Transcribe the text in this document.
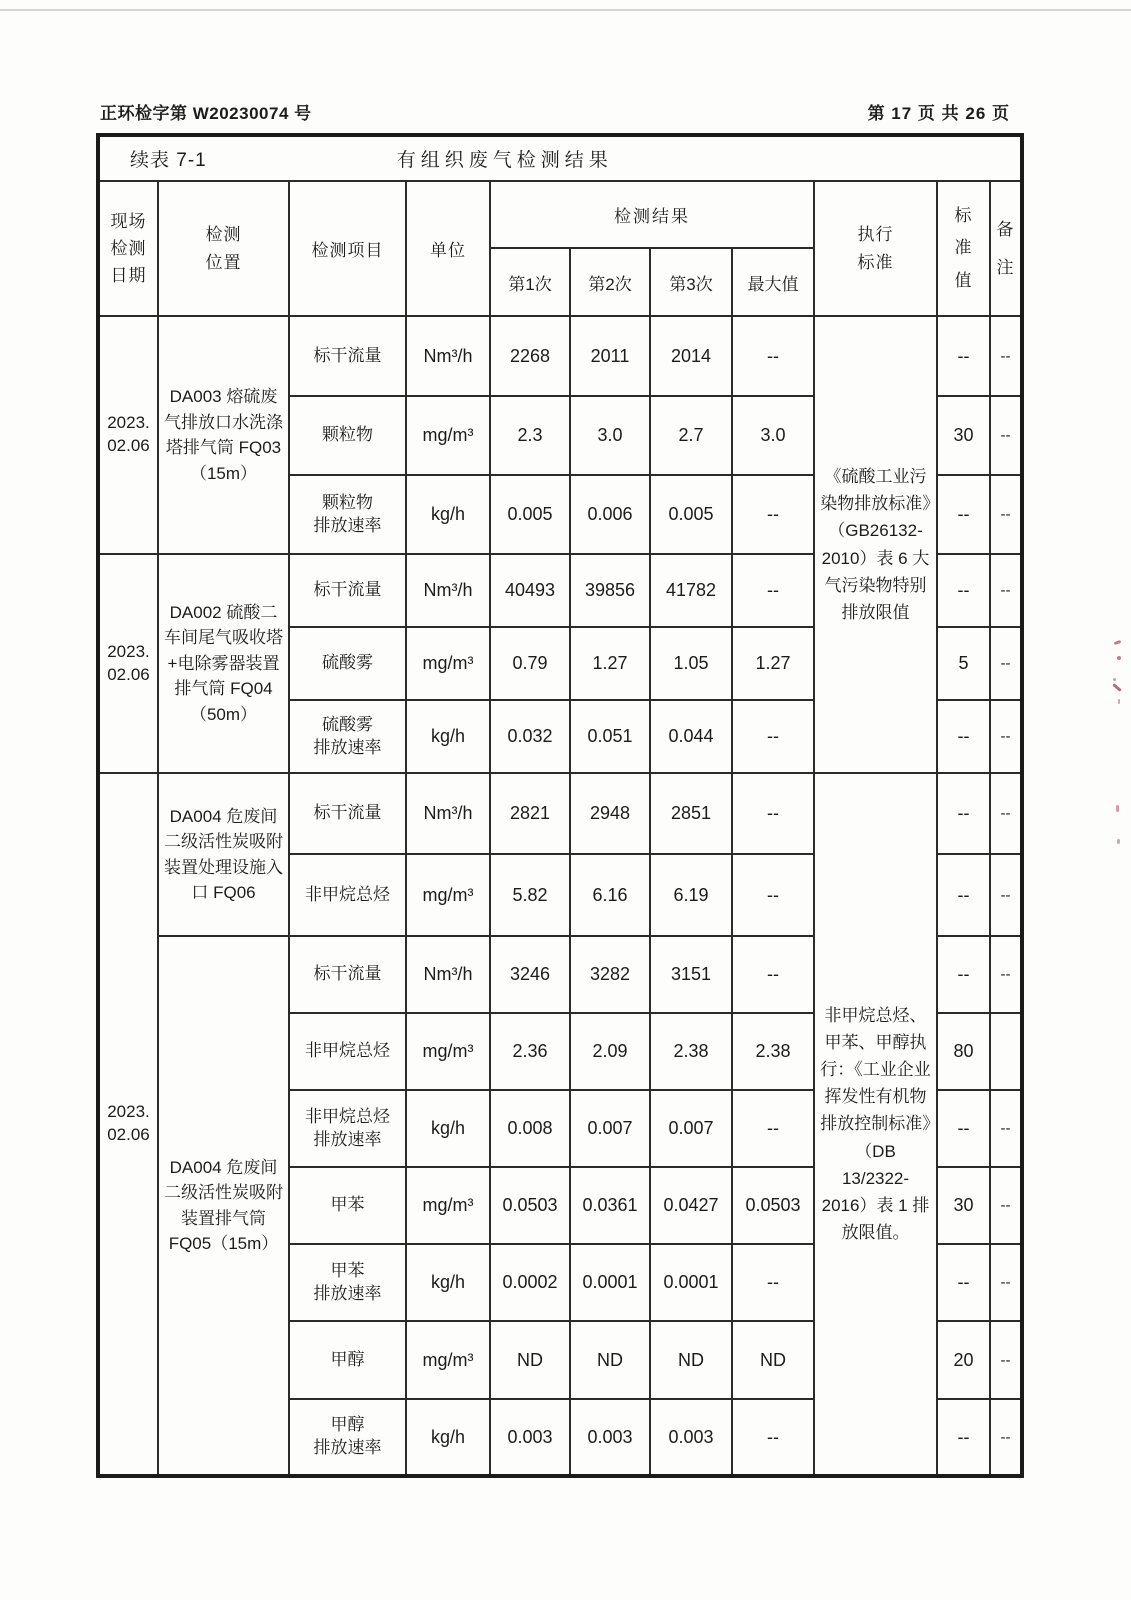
正环检字第 W20230074 号	第 17 页 共 26 页
续表 7-1 有组织废气检测结果										

现场检测日期	检测位置	检测项目	单位	检测结果				执行标准	标准值	备注

				第1次	第2次	第3次	最大值			

2023.
02.06	DA003 熔硫废气排放口水洗涤塔排气筒 FQ03（15m）	标干流量	Nm³/h	2268	2011	2014	--	《硫酸工业污染物排放标准》（GB26132-2010）表 6 大气污染物特别排放限值	--	--

		颗粒物	mg/m³	2.3	3.0	2.7	3.0		30	--

		颗粒物
排放速率	kg/h	0.005	0.006	0.005	--		--	--

2023.
02.06	DA002 硫酸二车间尾气吸收塔+电除雾器装置排气筒 FQ04（50m）	标干流量	Nm³/h	40493	39856	41782	--		--	--

		硫酸雾	mg/m³	0.79	1.27	1.05	1.27		5	--

		硫酸雾
排放速率	kg/h	0.032	0.051	0.044	--		--	--

2023.
02.06	DA004 危废间二级活性炭吸附装置处理设施入口 FQ06	标干流量	Nm³/h	2821	2948	2851	--	非甲烷总烃、甲苯、甲醇执行：《工业企业挥发性有机物排放控制标准》（DB 13/2322-2016）表 1 排放限值。	--	--

		非甲烷总烃	mg/m³	5.82	6.16	6.19	--		--	--
	DA004 危废间二级活性炭吸附装置排气筒 FQ05（15m）	标干流量	Nm³/h	3246	3282	3151	--		--	--

		非甲烷总烃	mg/m³	2.36	2.09	2.38	2.38		80	

		非甲烷总烃
排放速率	kg/h	0.008	0.007	0.007	--		--	--

		甲苯	mg/m³	0.0503	0.0361	0.0427	0.0503		30	--

		甲苯
排放速率	kg/h	0.0002	0.0001	0.0001	--		--	--

		甲醇	mg/m³	ND	ND	ND	ND		20	--

		甲醇
排放速率	kg/h	0.003	0.003	0.003	--		--	--
